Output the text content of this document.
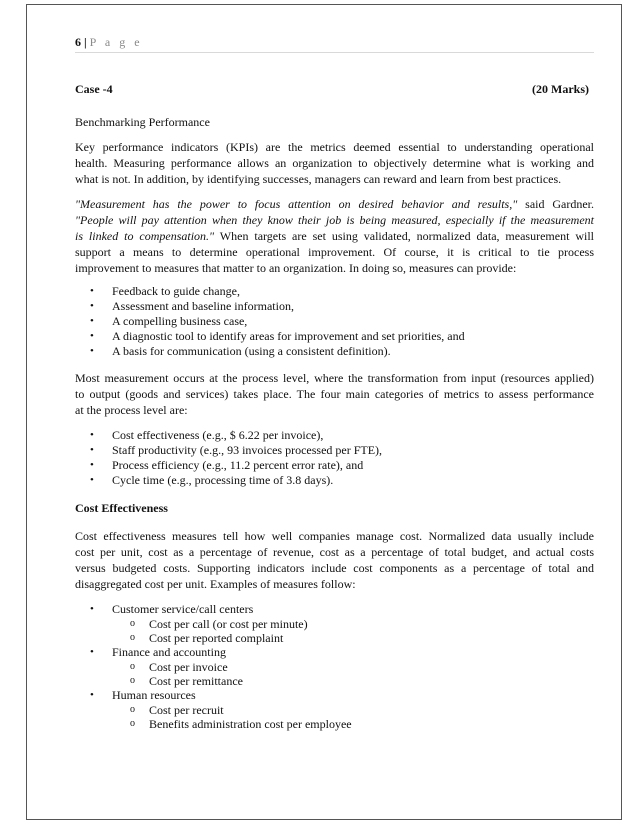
6 | P a g e
Case -4	(20 Marks)
Benchmarking Performance
Key performance indicators (KPIs) are the metrics deemed essential to understanding operational
health. Measuring performance allows an organization to objectively determine what is working and
what is not. In addition, by identifying successes, managers can reward and learn from best practices.
"Measurement has the power to focus attention on desired behavior and results," said Gardner.
"People will pay attention when they know their job is being measured, especially if the measurement
is linked to compensation." When targets are set using validated, normalized data, measurement will
support a means to determine operational improvement. Of course, it is critical to tie process
improvement to measures that matter to an organization. In doing so, measures can provide:
• Feedback to guide change,
• Assessment and baseline information,
• A compelling business case,
• A diagnostic tool to identify areas for improvement and set priorities, and
• A basis for communication (using a consistent definition).
Most measurement occurs at the process level, where the transformation from input (resources applied)
to output (goods and services) takes place. The four main categories of metrics to assess performance
at the process level are:
• Cost effectiveness (e.g., $ 6.22 per invoice),
• Staff productivity (e.g., 93 invoices processed per FTE),
• Process efficiency (e.g., 11.2 percent error rate), and
• Cycle time (e.g., processing time of 3.8 days).
Cost Effectiveness
Cost effectiveness measures tell how well companies manage cost. Normalized data usually include
cost per unit, cost as a percentage of revenue, cost as a percentage of total budget, and actual costs
versus budgeted costs. Supporting indicators include cost components as a percentage of total and
disaggregated cost per unit. Examples of measures follow:
• Customer service/call centers
o Cost per call (or cost per minute)
o Cost per reported complaint
• Finance and accounting
o Cost per invoice
o Cost per remittance
• Human resources
o Cost per recruit
o Benefits administration cost per employee
